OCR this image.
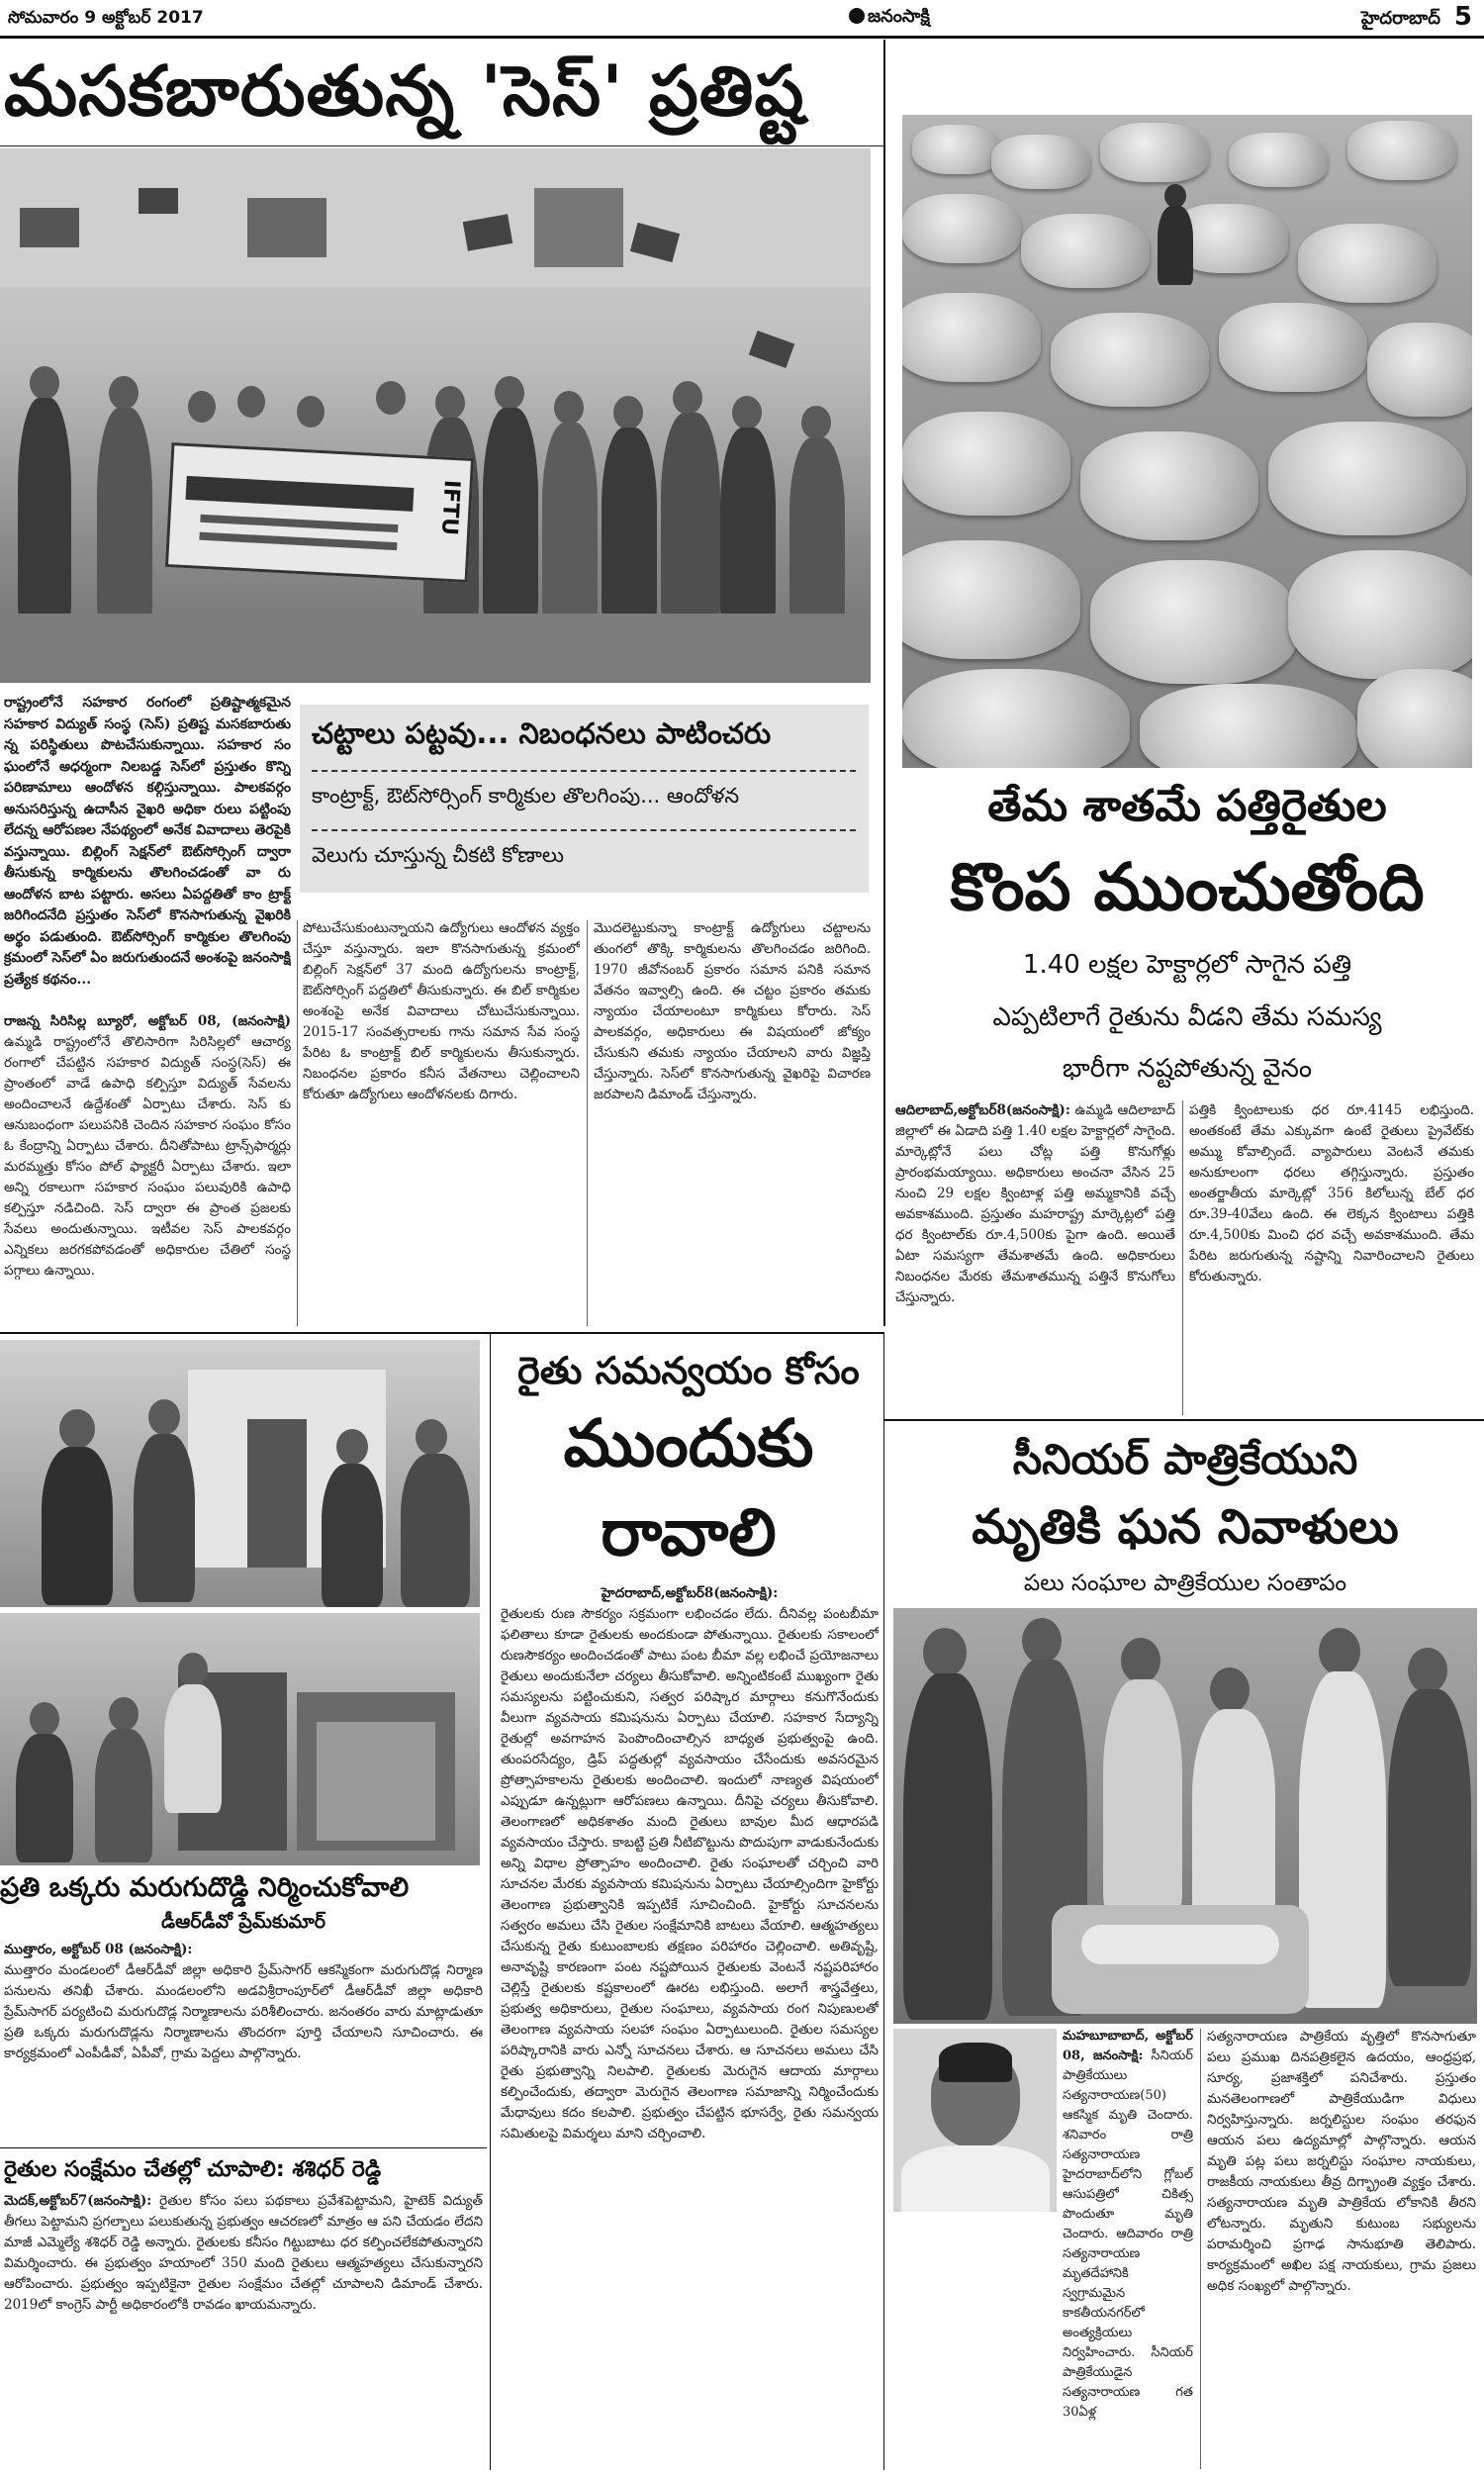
సోమవారం 9 అక్టోబర్ 2017	జనంసాక్షి	హైదరాబాద్ 5
మసకబారుతున్న 'సెస్' ప్రతిష్ట
IFTU
రాష్ట్రంలోనే సహకార రంగంలో ప్రతిష్టాత్మకమైన సహకార విద్యుత్ సంస్థ (సెస్) ప్రతిష్ట మసకబారుతు న్న పరిస్థితులు పొటచేసుకున్నాయి. సహకార సం ఘంలోనే అధర్మంగా నిలబడ్డ సెస్‌లో ప్రస్తుతం కొన్ని పరిణామాలు ఆందోళన కల్గిస్తున్నాయి. పాలకవర్గం అనుసరిస్తున్న ఉదాసీన వైఖరి అధికా రులు పట్టింపు లేదన్న ఆరోపణల నేపథ్యంలో అనేక వివాదాలు తెరపైకి వస్తున్నాయి. బిల్లింగ్ సెక్షన్‌లో ఔట్‌సోర్సింగ్ ద్వారా తీసుకున్న కార్మికులను తొలగించడంతో వా రు ఆందోళన బాట పట్టారు. అసలు ఏపద్దతితో కాం ట్రాక్ట్ జరిగిందనేది ప్రస్తుతం సెస్‌లో కొనసాగుతున్న వైఖరికి అర్థం పడుతుంది. ఔట్‌సోర్సింగ్ కార్మికుల తొలగింపు క్రమంలో సెస్‌లో ఏం జరుగుతుందనే అంశంపై జనంసాక్షి ప్రత్యేక కథనం...
చట్టాలు పట్టవు... నిబంధనలు పాటించరు
కాంట్రాక్ట్, ఔట్‌సోర్సింగ్ కార్మికుల తొలగింపు... ఆందోళన
వెలుగు చూస్తున్న చీకటి కోణాలు
రాజన్న సిరిసిల్ల బ్యూరో, అక్టోబర్ 08, (జనంసాక్షి) ఉమ్మడి రాష్ట్రంలోనే తొలిసారిగా సిరిసిల్లలో ఆచార్య రంగాలో చేపట్టిన సహకార విద్యుత్ సంస్థ(సెస్) ఈ ప్రాంతంలో వాడే ఉపాధి కల్పిస్తూ విద్యుత్ సేవలను అందించాలనే ఉద్దేశంతో ఏర్పాటు చేశారు. సెస్‌ కు ఆనుబంధంగా పలుపనికి చెందిన సహకార సంఘం కోసం ఓ కేంద్రాన్ని ఏర్పాటు చేశారు. దీనితోపాటు ట్రాన్స్‌ఫార్మర్లు మరమ్మత్తు కోసం పోల్ ఫ్యాక్టరీ ఏర్పాటు చేశారు. ఇలా అన్ని రకాలుగా సహకార సంఘం పలువురికి ఉపాధి కల్పిస్తూ నడిచింది. సెస్ ద్వారా ఈ ప్రాంత ప్రజలకు సేవలు అందుతున్నాయి. ఇటీవల సెస్ పాలకవర్గం ఎన్నికలు జరగకపోవడంతో అధికారుల చేతిలో సంస్థ పగ్గాలు ఉన్నాయి.
పోటుచేసుకుంటున్నాయని ఉద్యోగులు ఆందోళన వ్యక్తం చేస్తూ వస్తున్నారు. ఇలా కొనసాగుతున్న క్రమంలో బిల్లింగ్ సెక్షన్‌లో 37 మంది ఉద్యోగులను కాంట్రాక్ట్, ఔట్‌సోర్సింగ్ పద్దతిలో తీసుకున్నారు. ఈ బిల్ కార్మికుల అంశంపై అనేక వివాదాలు చోటుచేసుకున్నాయి. 2015-17 సంవత్సరాలకు గాను సమాన సేవ సంస్థ పేరిట ఓ కాంట్రాక్ట్ బిల్ కార్మికులను తీసుకున్నారు. నిబంధనల ప్రకారం కనీస వేతనాలు చెల్లించాలని కోరుతూ ఉద్యోగులు ఆందోళనలకు దిగారు.
మొదలెట్టుకున్నా కాంట్రాక్ట్ ఉద్యోగులు చట్టాలను తుంగలో తొక్కి కార్మికులను తొలగించడం జరిగింది. 1970 జీవోనంబర్ ప్రకారం సమాన పనికి సమాన వేతనం ఇవ్వాల్సి ఉంది. ఈ చట్టం ప్రకారం తమకు న్యాయం చేయాలంటూ కార్మికులు కోరారు. సెస్ పాలకవర్గం, అధికారులు ఈ విషయంలో జోక్యం చేసుకుని తమకు న్యాయం చేయాలని వారు విజ్ఞప్తి చేస్తున్నారు. సెస్‌లో కొనసాగుతున్న వైఖరిపై విచారణ జరపాలని డిమాండ్ చేస్తున్నారు.
తేమ శాతమే పత్తిరైతుల
కొంప ముంచుతోంది
1.40 లక్షల హెక్టార్లలో సాగైన పత్తి
ఎప్పటిలాగే రైతును వీడని తేమ సమస్య
భారీగా నష్టపోతున్న వైనం
ఆదిలాబాద్,అక్టోబర్8(జనంసాక్షి): ఉమ్మడి ఆదిలాబాద్ జిల్లాలో ఈ ఏడాది పత్తి 1.40 లక్షల హెక్టార్లలో సాగైంది. మార్కెట్లోనే పలు చోట్ల పత్తి కొనుగోళ్లు ప్రారంభమయ్యాయి. అధికారులు అంచనా వేసిన 25 నుంచి 29 లక్షల క్వింటాళ్ల పత్తి అమ్మకానికి వచ్చే అవకాశముంది. ప్రస్తుతం మహరాష్ట్ర మార్కెట్లలో పత్తి ధర క్వింటాల్‌కు రూ.4,500కు పైగా ఉంది. అయితే ఏటా సమస్యగా తేమశాతమే ఉంది. అధికారులు నిబంధనల మేరకు తేమశాతమున్న పత్తినే కొనుగోలు చేస్తున్నారు.
పత్తికి క్వింటాలుకు ధర రూ.4145 లభిస్తుంది. అంతకంటే తేమ ఎక్కువగా ఉంటే రైతులు ప్రైవేట్‌కు అమ్ము కోవాల్సిందే. వ్యాపారులు వెంటనే తమకు అనుకూలంగా ధరలు తగ్గిస్తున్నారు. ప్రస్తుతం అంతర్జాతీయ మార్కెట్లో 356 కిలోలున్న బేల్ ధర రూ.39-40వేలు ఉంది. ఈ లెక్కన క్వింటాలు పత్తికి రూ.4,500కు మించి ధర వచ్చే అవకాశముంది. తేమ పేరిట జరుగుతున్న నష్టాన్ని నివారించాలని రైతులు కోరుతున్నారు.
ప్రతి ఒక్కరు మరుగుదొడ్డి నిర్మించుకోవాలి
డీఆర్‌డీవో ప్రేమ్‌కుమార్
ముత్తారం, అక్టోబర్ 08 (జనంసాక్షి):
ముత్తారం మండలంలో డీఆర్‌డీవో జిల్లా అధికారి ప్రేమ్‌సాగర్ ఆకస్మికంగా మరుగుదొడ్ల నిర్మాణ పనులను తనిఖీ చేశారు. మండలంలోని అడవిశ్రీరాంపూర్‌లో డీఆర్‌డీవో జిల్లా అధికారి ప్రేమ్‌సాగర్ పర్యటించి మరుగుదొడ్ల నిర్మాణాలను పరిశీలించారు. జనంతరం వారు మాట్లాడుతూ ప్రతి ఒక్కరు మరుగుదొడ్లను నిర్మాణాలను తొందరగా పూర్తి చేయాలని సూచించారు. ఈ కార్యక్రమంలో ఎంపీడీవో, ఏపీవో, గ్రామ పెద్దలు పాల్గొన్నారు.
రైతుల సంక్షేమం చేతల్లో చూపాలి: శశిధర్ రెడ్డి
మెదక్,అక్టోబర్7(జనంసాక్షి): రైతుల కోసం పలు పథకాలు ప్రవేశపెట్టామని, హైటెక్ విద్యుత్ తీగలు పెట్టామని ప్రగల్బాలు పలుకుతున్న ప్రభుత్వం ఆచరణలో మాత్రం ఆ పని చేయడం లేదని మాజీ ఎమ్మెల్యే శశిధర్ రెడ్డి అన్నారు. రైతులకు కనీసం గిట్టుబాటు ధర కల్పించలేకపోతున్నారని విమర్శించారు. ఈ ప్రభుత్వం హయాంలో 350 మంది రైతులు ఆత్మహత్యలు చేసుకున్నారని ఆరోపించారు. ప్రభుత్వం ఇప్పటికైనా రైతుల సంక్షేమం చేతల్లో చూపాలని డిమాండ్ చేశారు. 2019లో కాంగ్రెస్ పార్టీ అధికారంలోకి రావడం ఖాయమన్నారు.
రైతు సమన్వయం కోసం
ముందుకు
రావాలి
హైదరాబాద్,అక్టోబర్8(జనంసాక్షి):
రైతులకు రుణ సౌకర్యం సక్రమంగా లభించడం లేదు. దీనివల్ల పంటబీమా ఫలితాలు కూడా రైతులకు అందకుండా పోతున్నాయి. రైతులకు సకాలంలో రుణసౌకర్యం అందించడంతో పాటు పంట బీమా వల్ల లభించే ప్రయోజనాలు రైతులు అందుకునేలా చర్యలు తీసుకోవాలి. అన్నింటికంటే ముఖ్యంగా రైతు సమస్యలను పట్టించుకుని, సత్వర పరిష్కార మార్గాలు కనుగొనేందుకు వీలుగా వ్యవసాయ కమిషనును ఏర్పాటు చేయాలి. సహకార సేద్యాన్ని రైతుల్లో అవగాహన పెంపొందించాల్సిన బాధ్యత ప్రభుత్వంపై ఉంది. తుంపరసేద్యం, డ్రిప్ పద్ధతుల్లో వ్యవసాయం చేసేందుకు అవసరమైన ప్రోత్సాహకాలను రైతులకు అందించాలి. ఇందులో నాణ్యత విషయంలో ఎప్పుడూ ఉన్నట్లుగా ఆరోపణలు ఉన్నాయి. దీనిపై చర్యలు తీసుకోవాలి. తెలంగాణలో అధికశాతం మంది రైతులు బావుల మీద ఆధారపడి వ్యవసాయం చేస్తారు. కాబట్టి ప్రతి నీటిబొట్టును పొదుపుగా వాడుకునేందుకు అన్ని విధాల ప్రోత్సాహం అందించాలి. రైతు సంఘాలతో చర్చించి వారి సూచనల మేరకు వ్యవసాయ కమిషనును ఏర్పాటు చేయాల్సిందిగా హైకోర్టు తెలంగాణ ప్రభుత్వానికి ఇప్పటికే సూచించింది. హైకోర్టు సూచనలను సత్వరం అమలు చేసి రైతుల సంక్షేమానికి బాటలు వేయాలి. ఆత్మహత్యలు చేసుకున్న రైతు కుటుంబాలకు తక్షణం పరిహారం చెల్లించాలి. అతివృష్టి, అనావృష్టి కారణంగా పంట నష్టపోయిన రైతులకు వెంటనే నష్టపరిహారం చెల్లిస్తే రైతులకు కష్టకాలంలో ఊరట లభిస్తుంది. అలాగే శాస్త్రవేత్తలు, ప్రభుత్వ అధికారులు, రైతుల సంఘాలు, వ్యవసాయ రంగ నిపుణులతో తెలంగాణ వ్యవసాయ సలహా సంఘం ఏర్పాటులుంది. రైతుల సమస్యల పరిష్కారానికి వారు ఎన్నో సూచనలు చేశారు. ఆ సూచనలు అమలు చేసి రైతు ప్రభుత్వాన్ని నిలపాలి. రైతులకు మెరుగైన ఆదాయ మార్గాలు కల్పించేందుకు, తద్వారా మెరుగైన తెలంగాణ సమాజాన్ని నిర్మించేందుకు మేధావులు కదం కలపాలి. ప్రభుత్వం చేపట్టిన భూసర్వే, రైతు సమన్వయ సమితులపై విమర్శలు మాని చర్చించాలి.
సీనియర్ పాత్రికేయుని
మృతికి ఘన నివాళులు
పలు సంఘాల పాత్రికేయుల సంతాపం
మహబూబాబాద్, అక్టోబర్ 08, జనంసాక్షి: సీనియర్ పాత్రికేయులు సత్యనారాయణ(50) ఆకస్మిక మృతి చెందారు. శనివారం రాత్రి సత్యనారాయణ హైదరాబాద్‌లోని గ్లోబల్ ఆసుపత్రిలో చికిత్స పొందుతూ మృతి చెందారు. ఆదివారం రాత్రి సత్యనారాయణ మృతదేహానికి స్వగ్రామమైన కాకతీయనగర్‌లో అంత్యక్రియలు నిర్వహించారు. సీనియర్ పాత్రికేయుడైన సత్యనారాయణ గత 30ఏళ్ల
సత్యనారాయణ పాత్రికేయ వృత్తిలో కొనసాగుతూ పలు ప్రముఖ దినపత్రికలైన ఉదయం, ఆంధ్రప్రభ, సూర్య, ప్రజాశక్తిలో పనిచేశారు. ప్రస్తుతం మనతెలంగాణలో పాత్రికేయుడిగా విధులు నిర్వహిస్తున్నారు. జర్నలిస్టుల సంఘం తరఫున ఆయన పలు ఉద్యమాల్లో పాల్గొన్నారు. ఆయన మృతి పట్ల పలు జర్నలిస్టు సంఘాల నాయకులు, రాజకీయ నాయకులు తీవ్ర దిగ్భ్రాంతి వ్యక్తం చేశారు. సత్యనారాయణ మృతి పాత్రికేయ లోకానికి తీరని లోటన్నారు. మృతుని కుటుంబ సభ్యులను పరామర్శించి ప్రగాఢ సానుభూతి తెలిపారు. కార్యక్రమంలో అఖిల పక్ష నాయకులు, గ్రామ ప్రజలు అధిక సంఖ్యలో పాల్గొన్నారు.
